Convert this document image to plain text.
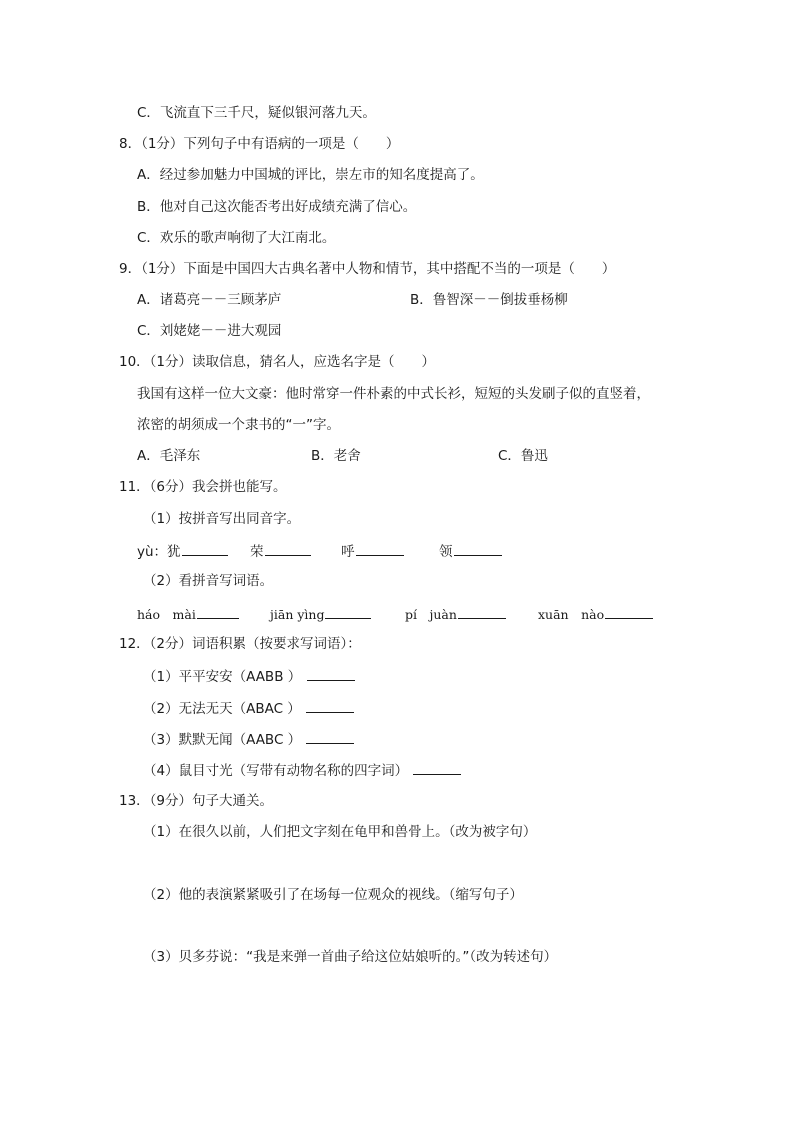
C．飞流直下三千尺，疑似银河落九天。
8．（1分）下列句子中有语病的一项是（　　）
A．经过参加魅力中国城的评比，崇左市的知名度提高了。
B．他对自己这次能否考出好成绩充满了信心。
C．欢乐的歌声响彻了大江南北。
9．（1分）下面是中国四大古典名著中人物和情节，其中搭配不当的一项是（　　）
A．诸葛亮－－三顾茅庐	B．鲁智深－－倒拔垂杨柳
C．刘姥姥－－进大观园
10．（1分）读取信息，猜名人，应选名字是（　　）
我国有这样一位大文豪：他时常穿一件朴素的中式长衫，短短的头发刷子似的直竖着，
浓密的胡须成一个隶书的“一”字。
A．毛泽东	B．老舍	C．鲁迅
11．（6分）我会拼也能写。
（1）按拼音写出同音字。
yù：犹	荣	呼	领
（2）看拼音写词语。
háo　mài	jiān yìng	pí　juàn	xuān　nào
12．（2分）词语积累（按要求写词语）：
（1）平平安安（AABB ）
（2）无法无天（ABAC ）
（3）默默无闻（AABC ）
（4）鼠目寸光（写带有动物名称的四字词）
13．（9分）句子大通关。
（1）在很久以前，人们把文字刻在龟甲和兽骨上。（改为被字句）
（2）他的表演紧紧吸引了在场每一位观众的视线。（缩写句子）
（3）贝多芬说：“我是来弹一首曲子给这位姑娘听的。”（改为转述句）
